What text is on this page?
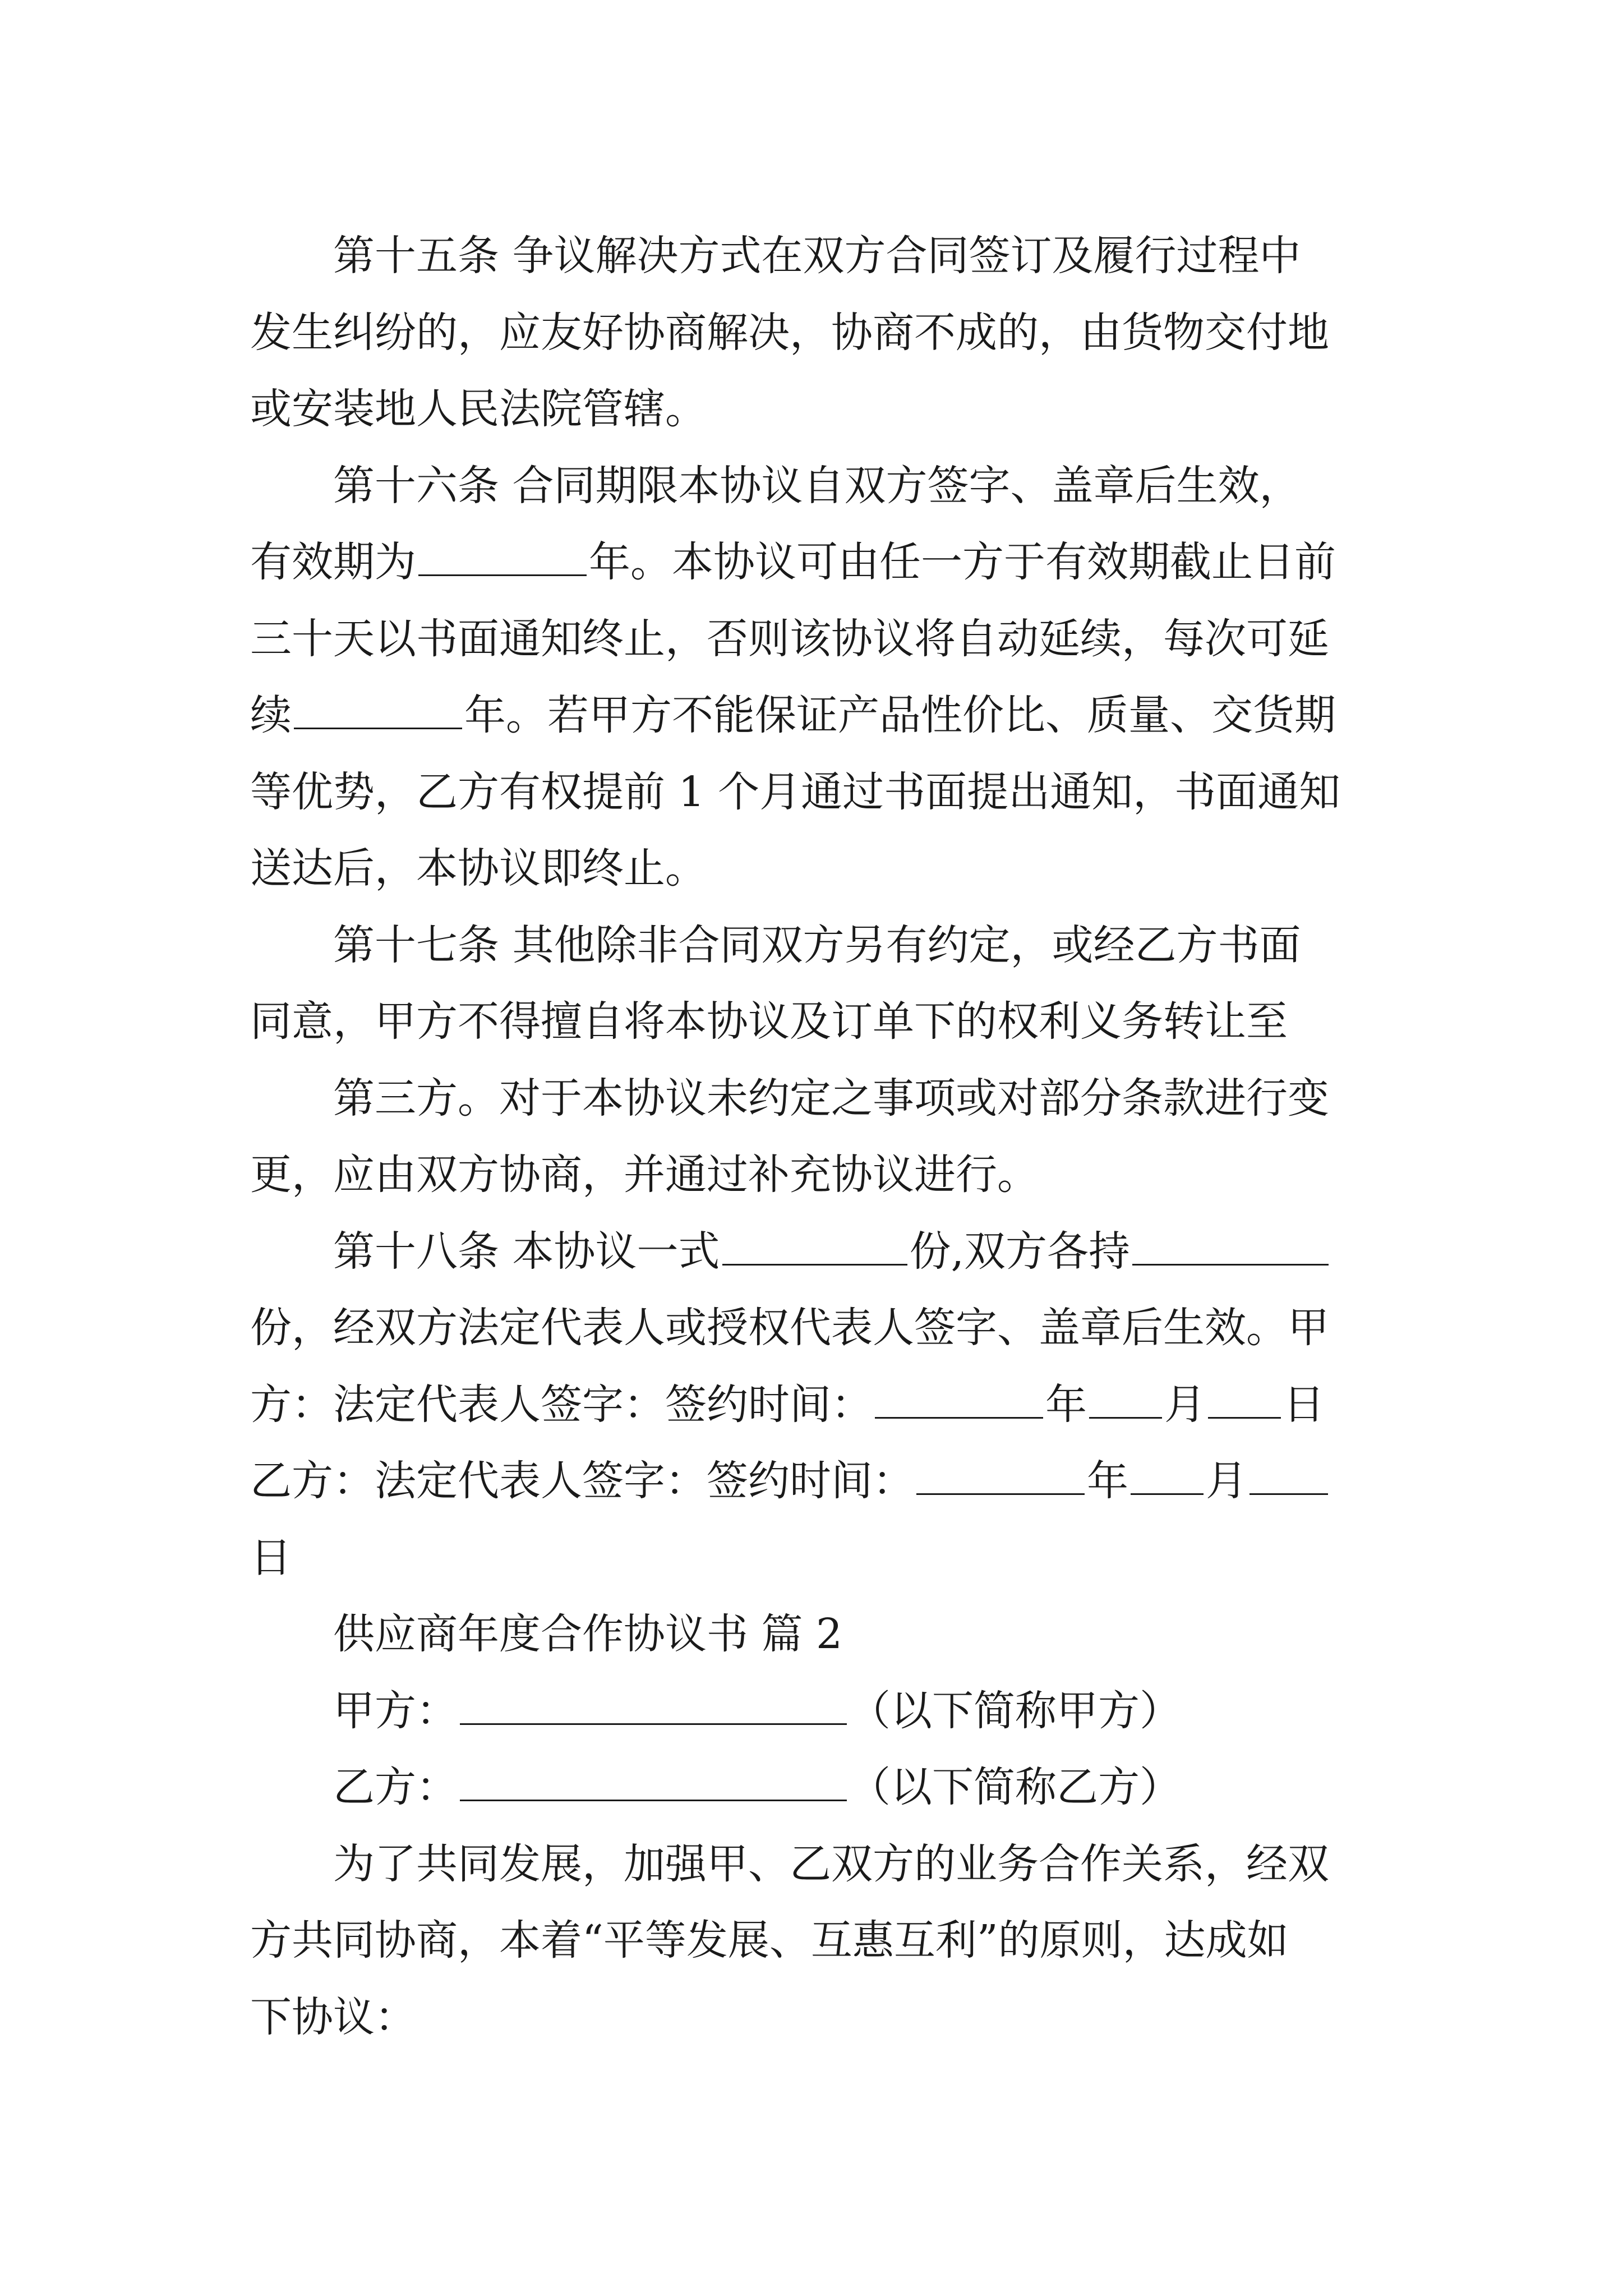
第十五条 争议解决方式在双方合同签订及履行过程中
发生纠纷的，应友好协商解决，协商不成的，由货物交付地
或安装地人民法院管辖。
第十六条 合同期限本协议自双方签字、盖章后生效，
有效期为	年。本协议可由任一方于有效期截止日前
三十天以书面通知终止，否则该协议将自动延续，每次可延
续	年。若甲方不能保证产品性价比、质量、交货期
等优势，乙方有权提前 1 个月通过书面提出通知，书面通知
送达后，本协议即终止。
第十七条 其他除非合同双方另有约定，或经乙方书面
同意，甲方不得擅自将本协议及订单下的权利义务转让至
第三方。对于本协议未约定之事项或对部分条款进行变
更，应由双方协商，并通过补充协议进行。
第十八条 本协议一式	份,双方各持
份，经双方法定代表人或授权代表人签字、盖章后生效。甲
方：法定代表人签字：签约时间：	年 月 日
乙方：法定代表人签字：签约时间：	年 月
日
供应商年度合作协议书 篇 2
甲方：	（以下简称甲方）
乙方：	（以下简称乙方）
为了共同发展，加强甲、乙双方的业务合作关系，经双
方共同协商，本着“平等发展、互惠互利”的原则，达成如
下协议：
